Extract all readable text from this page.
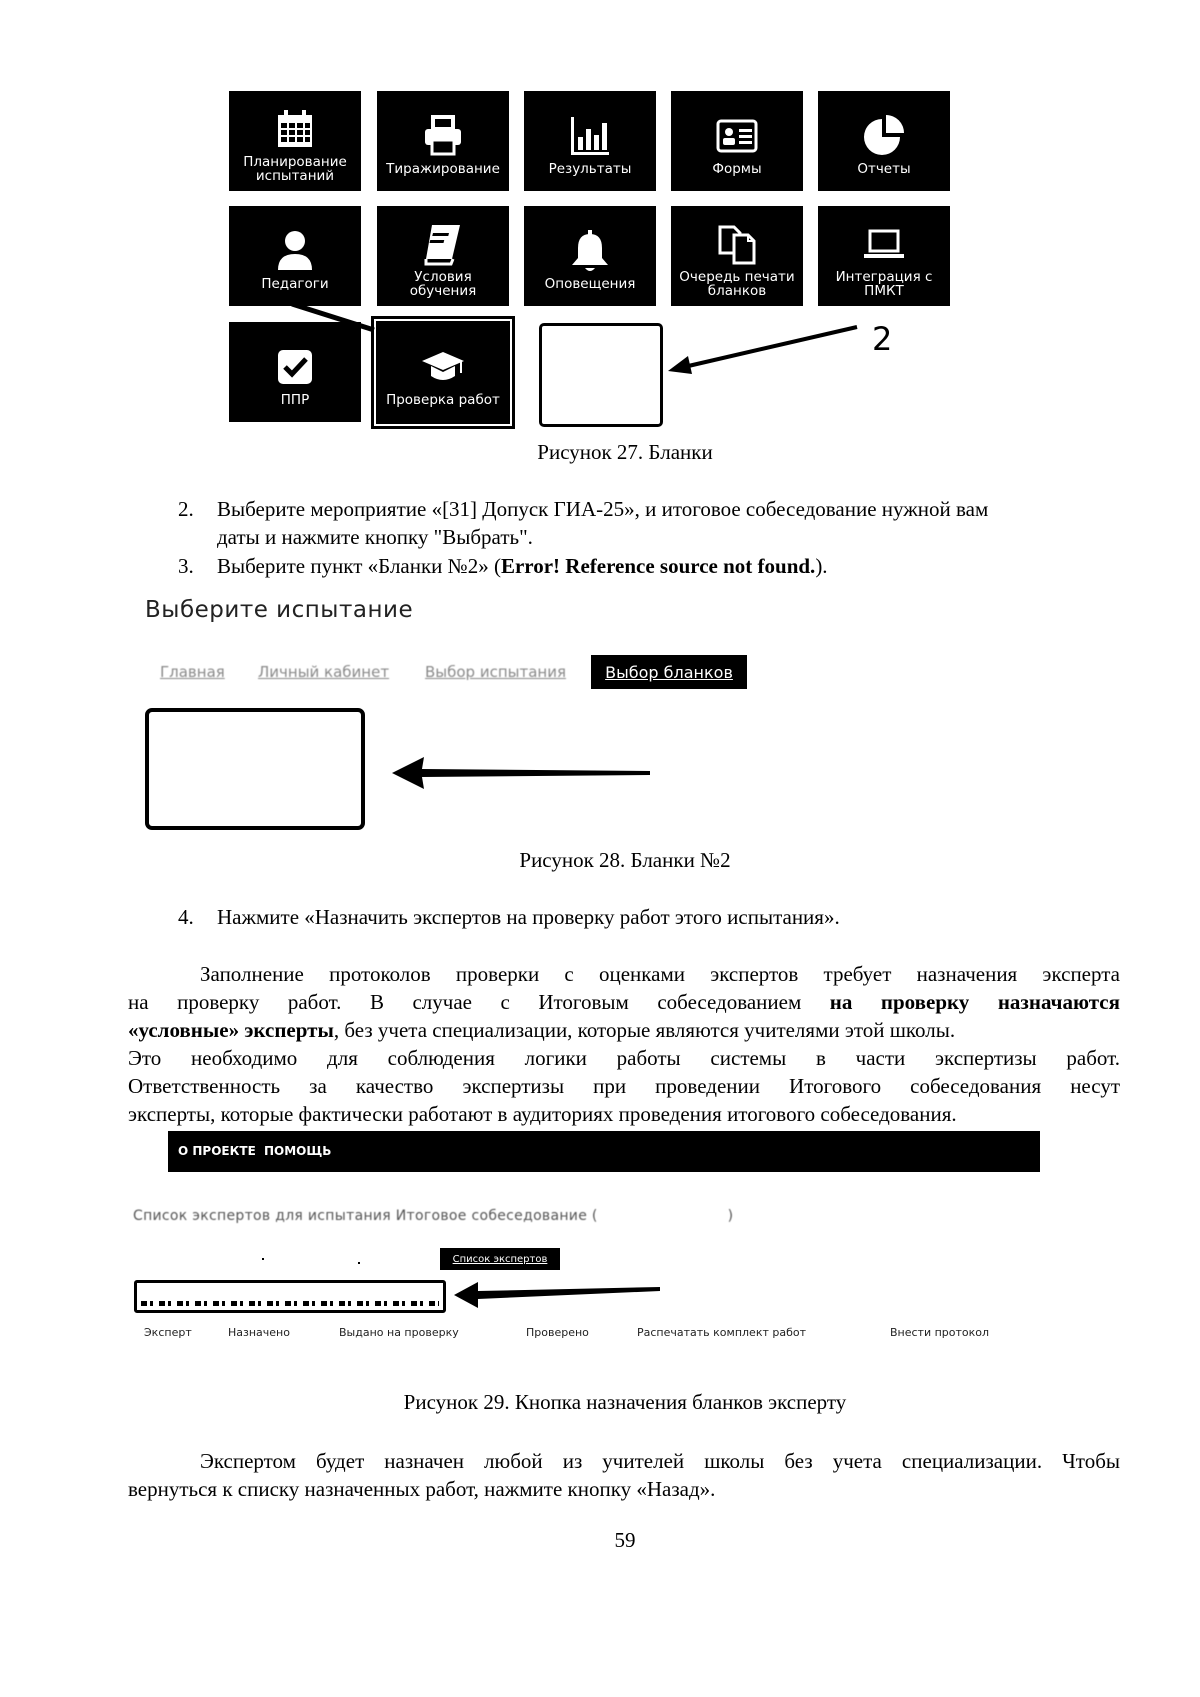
Планирование
испытаний	Тиражирование	Результаты	Формы	Отчеты
Педагоги	Условия
обучения	Оповещения	Очередь печати
бланков
Интеграция с
ПМКТ
ППР	Проверка работ
2
Рисунок 27. Бланки
2. Выберите мероприятие «[31] Допуск ГИА-25», и итоговое собеседование нужной вам
даты и нажмите кнопку "Выбрать".
3. Выберите пункт «Бланки №2» (Error! Reference source not found.).
Выберите испытание
Главная Личный кабинет Выбор испытания	Выбор бланков
Рисунок 28. Бланки №2
4. Нажмите «Назначить экспертов на проверку работ этого испытания».
Заполнение протоколов проверки с оценками экспертов требует назначения эксперта
на проверку работ. В случае с Итоговым собеседованием на проверку назначаются
«условные» эксперты, без учета специализации, которые являются учителями этой школы.
Это необходимо для соблюдения логики работы системы в части экспертизы работ.
Ответственность за качество экспертизы при проведении Итогового собеседования несут
эксперты, которые фактически работают в аудиториях проведения итогового собеседования.
О ПРОЕКТЕ ПОМОЩЬ
Список экспертов для испытания Итоговое собеседование (	)
Список экспертов
Эксперт	Назначено	Выдано на проверку	Проверено	Распечатать комплект работ	Внести протокол
Рисунок 29. Кнопка назначения бланков эксперту
Экспертом будет назначен любой из учителей школы без учета специализации. Чтобы
вернуться к списку назначенных работ, нажмите кнопку «Назад».
59
